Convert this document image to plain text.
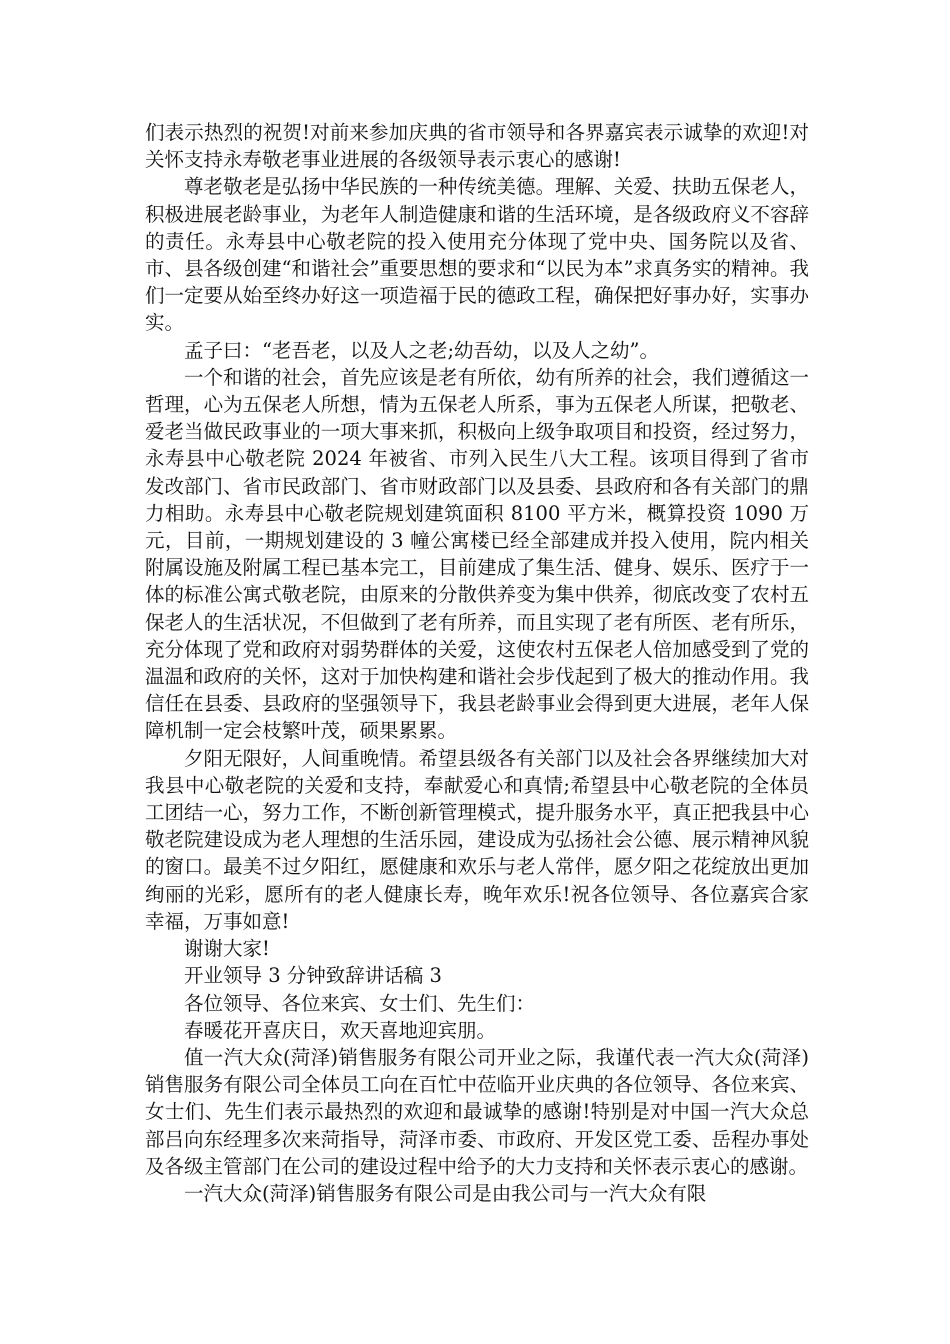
们表示热烈的祝贺!对前来参加庆典的省市领导和各界嘉宾表示诚挚的欢迎!对关怀支持永寿敬老事业进展的各级领导表示衷心的感谢!

尊老敬老是弘扬中华民族的一种传统美德。理解、关爱、扶助五保老人，积极进展老龄事业，为老年人制造健康和谐的生活环境，是各级政府义不容辞的责任。永寿县中心敬老院的投入使用充分体现了党中央、国务院以及省、市、县各级创建“和谐社会”重要思想的要求和“以民为本”求真务实的精神。我们一定要从始至终办好这一项造福于民的德政工程，确保把好事办好，实事办实。

孟子曰：“老吾老，以及人之老;幼吾幼，以及人之幼”。

一个和谐的社会，首先应该是老有所依，幼有所养的社会，我们遵循这一哲理，心为五保老人所想，情为五保老人所系，事为五保老人所谋，把敬老、爱老当做民政事业的一项大事来抓，积极向上级争取项目和投资，经过努力，永寿县中心敬老院 2024 年被省、市列入民生八大工程。该项目得到了省市发改部门、省市民政部门、省市财政部门以及县委、县政府和各有关部门的鼎力相助。永寿县中心敬老院规划建筑面积 8100 平方米，概算投资 1090 万元，目前，一期规划建设的 3 幢公寓楼已经全部建成并投入使用，院内相关附属设施及附属工程已基本完工，目前建成了集生活、健身、娱乐、医疗于一体的标准公寓式敬老院，由原来的分散供养变为集中供养，彻底改变了农村五保老人的生活状况，不但做到了老有所养，而且实现了老有所医、老有所乐，充分体现了党和政府对弱势群体的关爱，这使农村五保老人倍加感受到了党的温温和政府的关怀，这对于加快构建和谐社会步伐起到了极大的推动作用。我信任在县委、县政府的坚强领导下，我县老龄事业会得到更大进展，老年人保障机制一定会枝繁叶茂，硕果累累。

夕阳无限好，人间重晚情。希望县级各有关部门以及社会各界继续加大对我县中心敬老院的关爱和支持，奉献爱心和真情;希望县中心敬老院的全体员工团结一心，努力工作，不断创新管理模式，提升服务水平，真正把我县中心敬老院建设成为老人理想的生活乐园，建设成为弘扬社会公德、展示精神风貌的窗口。最美不过夕阳红，愿健康和欢乐与老人常伴，愿夕阳之花绽放出更加绚丽的光彩，愿所有的老人健康长寿，晚年欢乐!祝各位领导、各位嘉宾合家幸福，万事如意!

谢谢大家!

开业领导 3 分钟致辞讲话稿 3

各位领导、各位来宾、女士们、先生们：

春暖花开喜庆日，欢天喜地迎宾朋。

值一汽大众(菏泽)销售服务有限公司开业之际，我谨代表一汽大众(菏泽)销售服务有限公司全体员工向在百忙中莅临开业庆典的各位领导、各位来宾、女士们、先生们表示最热烈的欢迎和最诚挚的感谢!特别是对中国一汽大众总部吕向东经理多次来菏指导，菏泽市委、市政府、开发区党工委、岳程办事处及各级主管部门在公司的建设过程中给予的大力支持和关怀表示衷心的感谢。

一汽大众(菏泽)销售服务有限公司是由我公司与一汽大众有限
